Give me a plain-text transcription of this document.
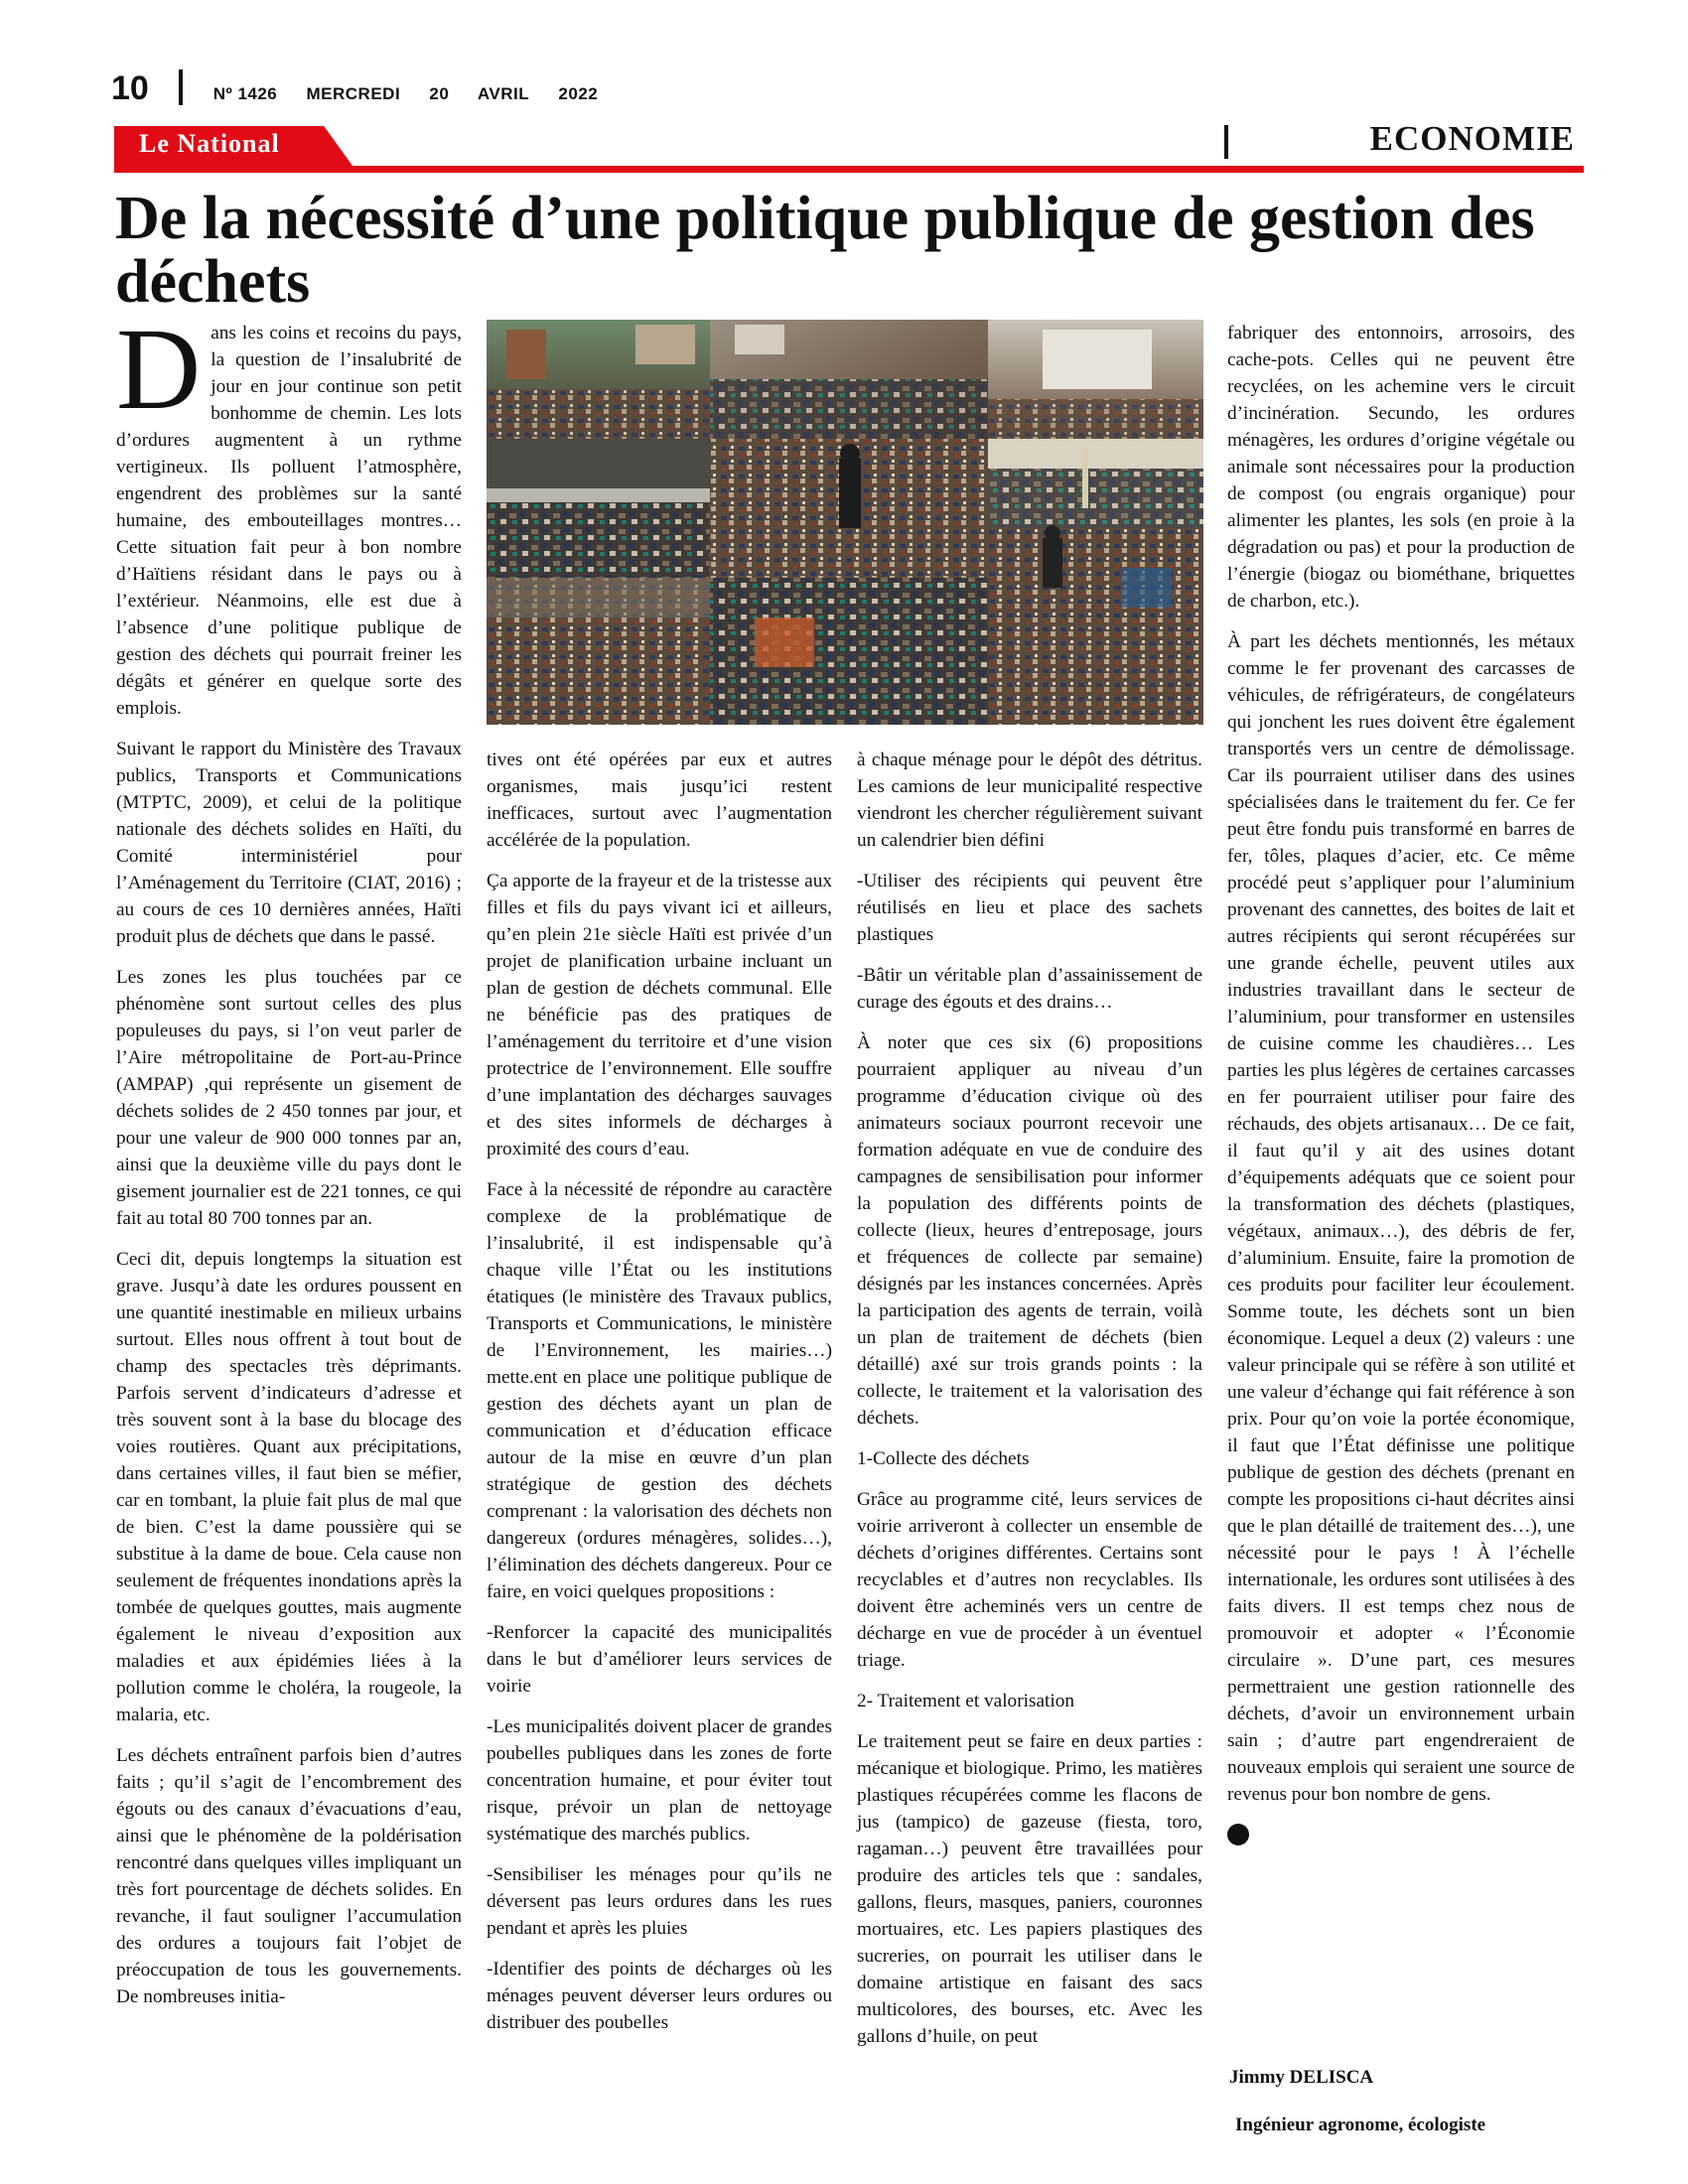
10	Nº 1426 MERCREDI 20 AVRIL 2022
Le National	ECONOMIE
De la nécessité d’une politique publique de gestion des déchets

Dans les coins et recoins du pays, la question de l’insalubrité de jour en jour continue son petit bonhomme de chemin. Les lots d’ordures augmentent à un rythme vertigineux. Ils polluent l’atmosphère, engendrent des problèmes sur la santé humaine, des embouteillages montres… Cette situation fait peur à bon nombre d’Haïtiens résidant dans le pays ou à l’extérieur. Néanmoins, elle est due à l’absence d’une politique publique de gestion des déchets qui pourrait freiner les dégâts et générer en quelque sorte des emplois.

Suivant le rapport du Ministère des Travaux publics, Transports et Communications (MTPTC, 2009), et celui de la politique nationale des déchets solides en Haïti, du Comité interministériel pour l’Aménagement du Territoire (CIAT, 2016) ; au cours de ces 10 dernières années, Haïti produit plus de déchets que dans le passé.

Les zones les plus touchées par ce phénomène sont surtout celles des plus populeuses du pays, si l’on veut parler de l’Aire métropolitaine de Port-au-Prince (AMPAP) ,qui représente un gisement de déchets solides de 2 450 tonnes par jour, et pour une valeur de 900 000 tonnes par an, ainsi que la deuxième ville du pays dont le gisement journalier est de 221 tonnes, ce qui fait au total 80 700 tonnes par an.

Ceci dit, depuis longtemps la situation est grave. Jusqu’à date les ordures poussent en une quantité inestimable en milieux urbains surtout. Elles nous offrent à tout bout de champ des spectacles très déprimants. Parfois servent d’indicateurs d’adresse et très souvent sont à la base du blocage des voies routières. Quant aux précipitations, dans certaines villes, il faut bien se méfier, car en tombant, la pluie fait plus de mal que de bien. C’est la dame poussière qui se substitue à la dame de boue. Cela cause non seulement de fréquentes inondations après la tombée de quelques gouttes, mais augmente également le niveau d’exposition aux maladies et aux épidémies liées à la pollution comme le choléra, la rougeole, la malaria, etc.

Les déchets entraînent parfois bien d’autres faits ; qu’il s’agit de l’encombrement des égouts ou des canaux d’évacuations d’eau, ainsi que le phénomène de la poldérisation rencontré dans quelques villes impliquant un très fort pourcentage de déchets solides. En revanche, il faut souligner l’accumulation des ordures a toujours fait l’objet de préoccupation de tous les gouvernements. De nombreuses initia-

tives ont été opérées par eux et autres organismes, mais jusqu’ici restent inefficaces, surtout avec l’augmentation accélérée de la population.

Ça apporte de la frayeur et de la tristesse aux filles et fils du pays vivant ici et ailleurs, qu’en plein 21e siècle Haïti est privée d’un projet de planification urbaine incluant un plan de gestion de déchets communal. Elle ne bénéficie pas des pratiques de l’aménagement du territoire et d’une vision protectrice de l’environnement. Elle souffre d’une implantation des décharges sauvages et des sites informels de décharges à proximité des cours d’eau.

Face à la nécessité de répondre au caractère complexe de la problématique de l’insalubrité, il est indispensable qu’à chaque ville l’État ou les institutions étatiques (le ministère des Travaux publics, Transports et Communications, le ministère de l’Environnement, les mairies…) mette.ent en place une politique publique de gestion des déchets ayant un plan de communication et d’éducation efficace autour de la mise en œuvre d’un plan stratégique de gestion des déchets comprenant : la valorisation des déchets non dangereux (ordures ménagères, solides…), l’élimination des déchets dangereux. Pour ce faire, en voici quelques propositions :

-Renforcer la capacité des municipalités dans le but d’améliorer leurs services de voirie

-Les municipalités doivent placer de grandes poubelles publiques dans les zones de forte concentration humaine, et pour éviter tout risque, prévoir un plan de nettoyage systématique des marchés publics.

-Sensibiliser les ménages pour qu’ils ne déversent pas leurs ordures dans les rues pendant et après les pluies

-Identifier des points de décharges où les ménages peuvent déverser leurs ordures ou distribuer des poubelles

à chaque ménage pour le dépôt des détritus. Les camions de leur municipalité respective viendront les chercher régulièrement suivant un calendrier bien défini

-Utiliser des récipients qui peuvent être réutilisés en lieu et place des sachets plastiques

-Bâtir un véritable plan d’assainissement de curage des égouts et des drains…

À noter que ces six (6) propositions pourraient appliquer au niveau d’un programme d’éducation civique où des animateurs sociaux pourront recevoir une formation adéquate en vue de conduire des campagnes de sensibilisation pour informer la population des différents points de collecte (lieux, heures d’entreposage, jours et fréquences de collecte par semaine) désignés par les instances concernées. Après la participation des agents de terrain, voilà un plan de traitement de déchets (bien détaillé) axé sur trois grands points : la collecte, le traitement et la valorisation des déchets.

1-Collecte des déchets

Grâce au programme cité, leurs services de voirie arriveront à collecter un ensemble de déchets d’origines différentes. Certains sont recyclables et d’autres non recyclables. Ils doivent être acheminés vers un centre de décharge en vue de procéder à un éventuel triage.

2- Traitement et valorisation

Le traitement peut se faire en deux parties : mécanique et biologique. Primo, les matières plastiques récupérées comme les flacons de jus (tampico) de gazeuse (fiesta, toro, ragaman…) peuvent être travaillées pour produire des articles tels que : sandales, gallons, fleurs, masques, paniers, couronnes mortuaires, etc. Les papiers plastiques des sucreries, on pourrait les utiliser dans le domaine artistique en faisant des sacs multicolores, des bourses, etc. Avec les gallons d’huile, on peut

fabriquer des entonnoirs, arrosoirs, des cache-pots. Celles qui ne peuvent être recyclées, on les achemine vers le circuit d’incinération. Secundo, les ordures ménagères, les ordures d’origine végétale ou animale sont nécessaires pour la production de compost (ou engrais organique) pour alimenter les plantes, les sols (en proie à la dégradation ou pas) et pour la production de l’énergie (biogaz ou biométhane, briquettes de charbon, etc.).

À part les déchets mentionnés, les métaux comme le fer provenant des carcasses de véhicules, de réfrigérateurs, de congélateurs qui jonchent les rues doivent être également transportés vers un centre de démolissage. Car ils pourraient utiliser dans des usines spécialisées dans le traitement du fer. Ce fer peut être fondu puis transformé en barres de fer, tôles, plaques d’acier, etc. Ce même procédé peut s’appliquer pour l’aluminium provenant des cannettes, des boites de lait et autres récipients qui seront récupérées sur une grande échelle, peuvent utiles aux industries travaillant dans le secteur de l’aluminium, pour transformer en ustensiles de cuisine comme les chaudières… Les parties les plus légères de certaines carcasses en fer pourraient utiliser pour faire des réchauds, des objets artisanaux… De ce fait, il faut qu’il y ait des usines dotant d’équipements adéquats que ce soient pour la transformation des déchets (plastiques, végétaux, animaux…), des débris de fer, d’aluminium. Ensuite, faire la promotion de ces produits pour faciliter leur écoulement. Somme toute, les déchets sont un bien économique. Lequel a deux (2) valeurs : une valeur principale qui se réfère à son utilité et une valeur d’échange qui fait référence à son prix. Pour qu’on voie la portée économique, il faut que l’État définisse une politique publique de gestion des déchets (prenant en compte les propositions ci-haut décrites ainsi que le plan détaillé de traitement des…), une nécessité pour le pays ! À l’échelle internationale, les ordures sont utilisées à des faits divers. Il est temps chez nous de promouvoir et adopter « l’Économie circulaire ». D’une part, ces mesures permettraient une gestion rationnelle des déchets, d’avoir un environnement urbain sain ; d’autre part engendreraient de nouveaux emplois qui seraient une source de revenus pour bon nombre de gens.

Jimmy DELISCA
Ingénieur agronome, écologiste
